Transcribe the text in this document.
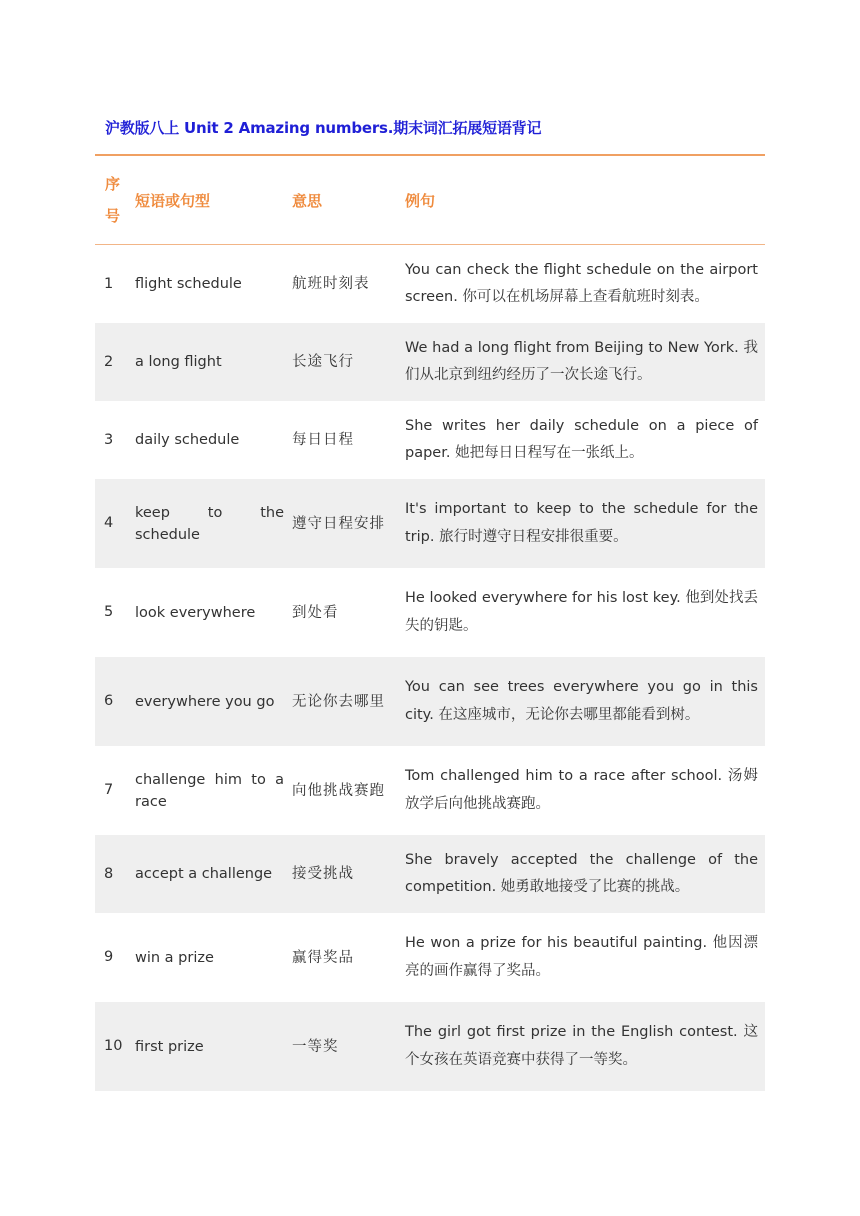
沪教版八上 Unit 2 Amazing numbers.期末词汇拓展短语背记
序
号	短语或句型	意思	例句
1	flight schedule	航班时刻表	You can check the flight schedule on the airport screen. 你可以在机场屏幕上查看航班时刻表。
2	a long flight	长途飞行	We had a long flight from Beijing to New York. 我们从北京到纽约经历了一次长途飞行。
3	daily schedule	每日日程	She writes her daily schedule on a piece of paper. 她把每日日程写在一张纸上。
4	keep to the schedule	遵守日程安排	It's important to keep to the schedule for the trip. 旅行时遵守日程安排很重要。
5	look everywhere	到处看	He looked everywhere for his lost key. 他到处找丢失的钥匙。
6	everywhere you go	无论你去哪里	You can see trees everywhere you go in this city. 在这座城市，无论你去哪里都能看到树。
7	challenge him to a race	向他挑战赛跑	Tom challenged him to a race after school. 汤姆放学后向他挑战赛跑。
8	accept a challenge	接受挑战	She bravely accepted the challenge of the competition. 她勇敢地接受了比赛的挑战。
9	win a prize	赢得奖品	He won a prize for his beautiful painting. 他因漂亮的画作赢得了奖品。
10	first prize	一等奖	The girl got first prize in the English contest. 这个女孩在英语竞赛中获得了一等奖。
